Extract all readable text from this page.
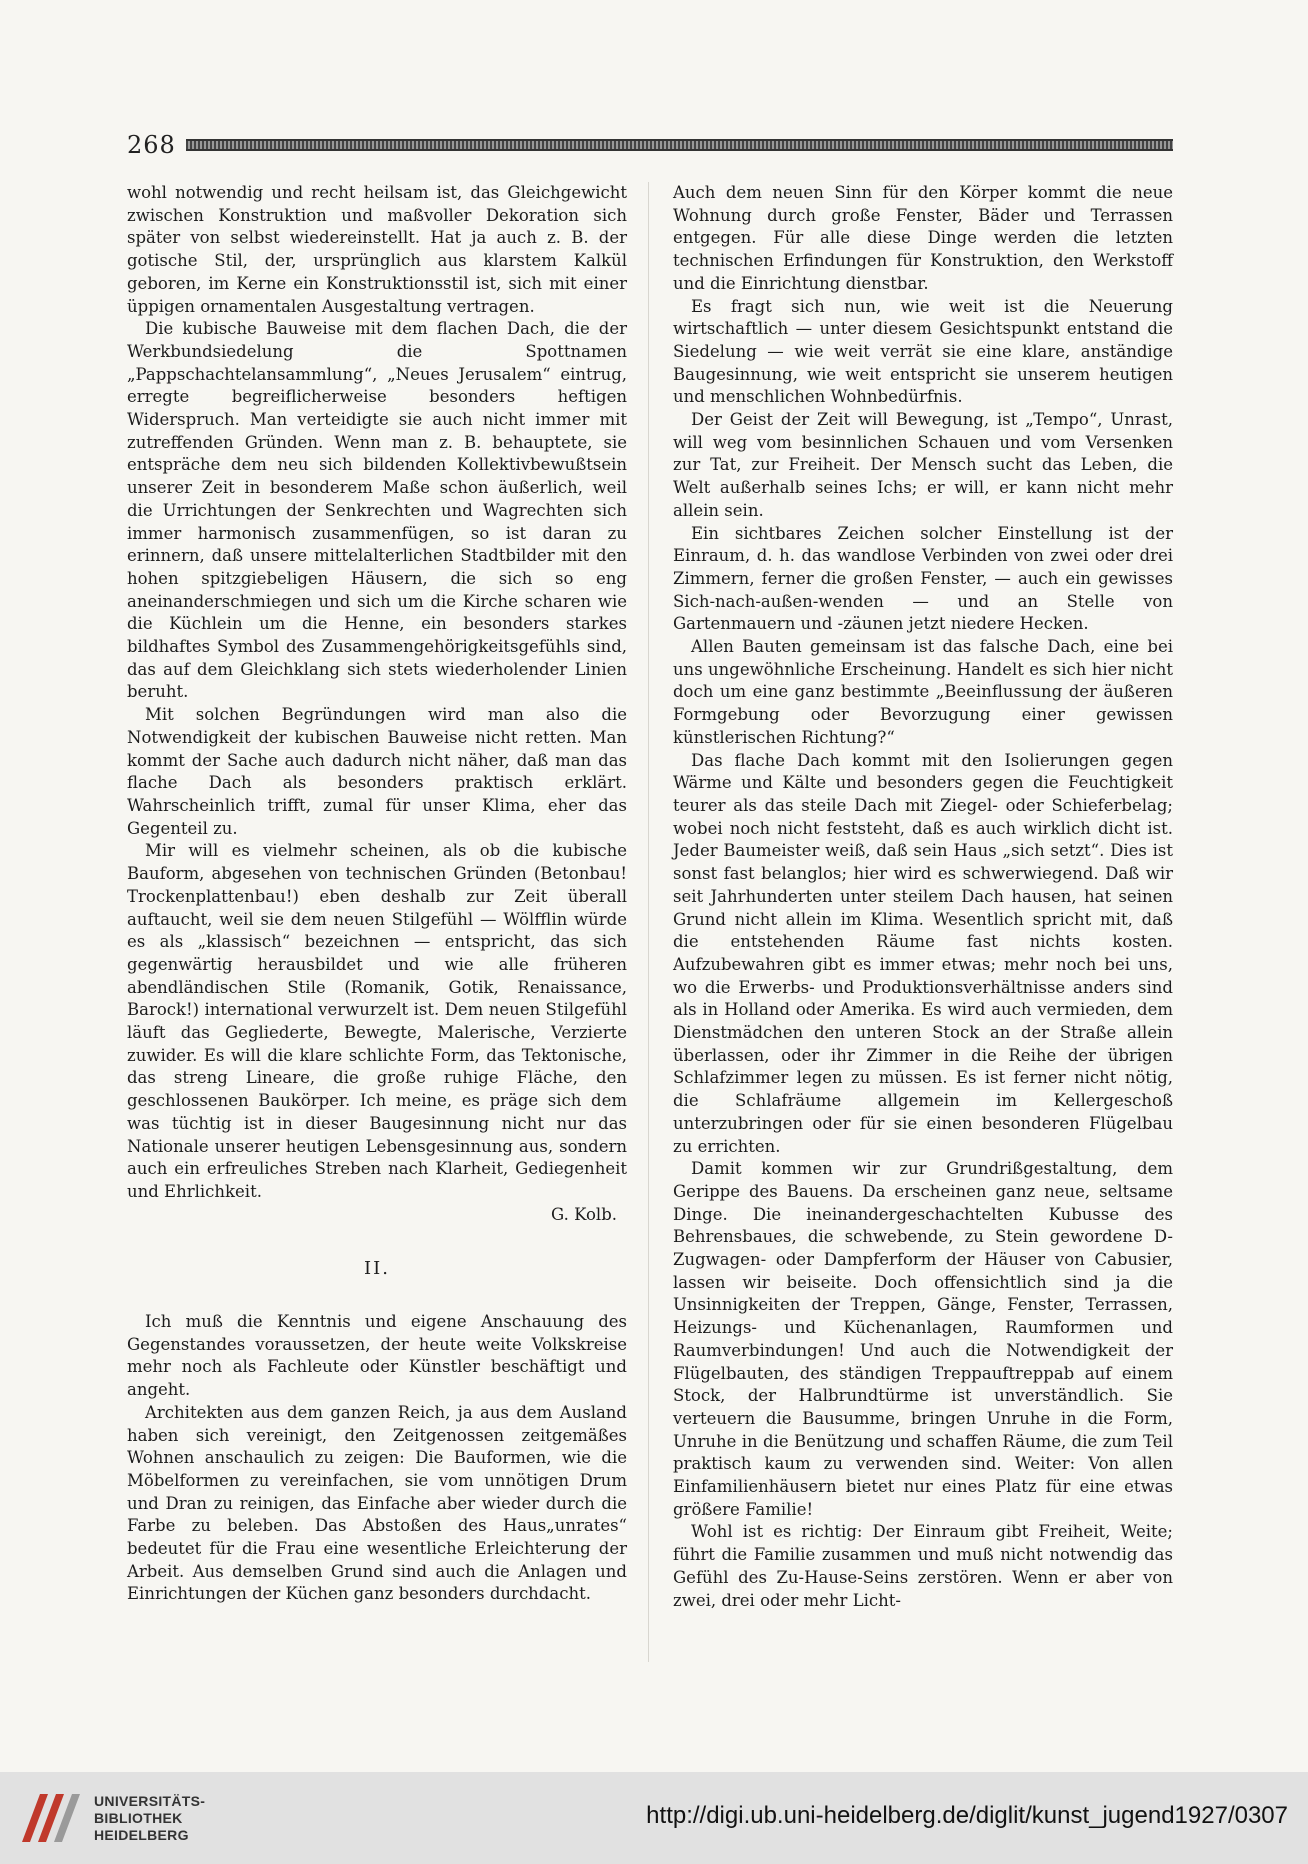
268

wohl notwendig und recht heilsam ist, das Gleichgewicht zwischen Konstruktion und maßvoller Dekoration sich später von selbst wiedereinstellt. Hat ja auch z. B. der gotische Stil, der, ursprünglich aus klarstem Kalkül geboren, im Kerne ein Konstruktionsstil ist, sich mit einer üppigen ornamentalen Ausgestaltung vertragen.

Die kubische Bauweise mit dem flachen Dach, die der Werkbundsiedelung die Spottnamen „Pappschachtelansammlung“, „Neues Jerusalem“ eintrug, erregte begreiflicherweise besonders heftigen Widerspruch. Man verteidigte sie auch nicht immer mit zutreffenden Gründen. Wenn man z. B. behauptete, sie entspräche dem neu sich bildenden Kollektivbewußtsein unserer Zeit in besonderem Maße schon äußerlich, weil die Urrichtungen der Senkrechten und Wagrechten sich immer harmonisch zusammenfügen, so ist daran zu erinnern, daß unsere mittelalterlichen Stadtbilder mit den hohen spitzgiebeligen Häusern, die sich so eng aneinanderschmiegen und sich um die Kirche scharen wie die Küchlein um die Henne, ein besonders starkes bildhaftes Symbol des Zusammengehörigkeitsgefühls sind, das auf dem Gleichklang sich stets wiederholender Linien beruht.

Mit solchen Begründungen wird man also die Notwendigkeit der kubischen Bauweise nicht retten. Man kommt der Sache auch dadurch nicht näher, daß man das flache Dach als besonders praktisch erklärt. Wahrscheinlich trifft, zumal für unser Klima, eher das Gegenteil zu.

Mir will es vielmehr scheinen, als ob die kubische Bauform, abgesehen von technischen Gründen (Betonbau! Trockenplattenbau!) eben deshalb zur Zeit überall auftaucht, weil sie dem neuen Stilgefühl — Wölfflin würde es als „klassisch“ bezeichnen — entspricht, das sich gegenwärtig herausbildet und wie alle früheren abendländischen Stile (Romanik, Gotik, Renaissance, Barock!) international verwurzelt ist. Dem neuen Stilgefühl läuft das Gegliederte, Bewegte, Malerische, Verzierte zuwider. Es will die klare schlichte Form, das Tektonische, das streng Lineare, die große ruhige Fläche, den geschlossenen Baukörper. Ich meine, es präge sich dem was tüchtig ist in dieser Baugesinnung nicht nur das Nationale unserer heutigen Lebensgesinnung aus, sondern auch ein erfreuliches Streben nach Klarheit, Gediegenheit und Ehrlichkeit.

G. Kolb.

II.

Ich muß die Kenntnis und eigene Anschauung des Gegenstandes voraussetzen, der heute weite Volkskreise mehr noch als Fachleute oder Künstler beschäftigt und angeht.

Architekten aus dem ganzen Reich, ja aus dem Ausland haben sich vereinigt, den Zeitgenossen zeitgemäßes Wohnen anschaulich zu zeigen: Die Bauformen, wie die Möbelformen zu vereinfachen, sie vom unnötigen Drum und Dran zu reinigen, das Einfache aber wieder durch die Farbe zu beleben. Das Abstoßen des Haus„unrates“ bedeutet für die Frau eine wesentliche Erleichterung der Arbeit. Aus demselben Grund sind auch die Anlagen und Einrichtungen der Küchen ganz besonders durchdacht.

Auch dem neuen Sinn für den Körper kommt die neue Wohnung durch große Fenster, Bäder und Terrassen entgegen. Für alle diese Dinge werden die letzten technischen Erfindungen für Konstruktion, den Werkstoff und die Einrichtung dienstbar.

Es fragt sich nun, wie weit ist die Neuerung wirtschaftlich — unter diesem Gesichtspunkt entstand die Siedelung — wie weit verrät sie eine klare, anständige Baugesinnung, wie weit entspricht sie unserem heutigen und menschlichen Wohnbedürfnis.

Der Geist der Zeit will Bewegung, ist „Tempo“, Unrast, will weg vom besinnlichen Schauen und vom Versenken zur Tat, zur Freiheit. Der Mensch sucht das Leben, die Welt außerhalb seines Ichs; er will, er kann nicht mehr allein sein.

Ein sichtbares Zeichen solcher Einstellung ist der Einraum, d. h. das wandlose Verbinden von zwei oder drei Zimmern, ferner die großen Fenster, — auch ein gewisses Sich-nach-außen-wenden — und an Stelle von Gartenmauern und -zäunen jetzt niedere Hecken.

Allen Bauten gemeinsam ist das falsche Dach, eine bei uns ungewöhnliche Erscheinung. Handelt es sich hier nicht doch um eine ganz bestimmte „Beeinflussung der äußeren Formgebung oder Bevorzugung einer gewissen künstlerischen Richtung?“

Das flache Dach kommt mit den Isolierungen gegen Wärme und Kälte und besonders gegen die Feuchtigkeit teurer als das steile Dach mit Ziegel- oder Schieferbelag; wobei noch nicht feststeht, daß es auch wirklich dicht ist. Jeder Baumeister weiß, daß sein Haus „sich setzt“. Dies ist sonst fast belanglos; hier wird es schwerwiegend. Daß wir seit Jahrhunderten unter steilem Dach hausen, hat seinen Grund nicht allein im Klima. Wesentlich spricht mit, daß die entstehenden Räume fast nichts kosten. Aufzubewahren gibt es immer etwas; mehr noch bei uns, wo die Erwerbs- und Produktionsverhältnisse anders sind als in Holland oder Amerika. Es wird auch vermieden, dem Dienstmädchen den unteren Stock an der Straße allein überlassen, oder ihr Zimmer in die Reihe der übrigen Schlafzimmer legen zu müssen. Es ist ferner nicht nötig, die Schlafräume allgemein im Kellergeschoß unterzubringen oder für sie einen besonderen Flügelbau zu errichten.

Damit kommen wir zur Grundrißgestaltung, dem Gerippe des Bauens. Da erscheinen ganz neue, seltsame Dinge. Die ineinandergeschachtelten Kubusse des Behrensbaues, die schwebende, zu Stein gewordene D-Zugwagen- oder Dampferform der Häuser von Cabusier, lassen wir beiseite. Doch offensichtlich sind ja die Unsinnigkeiten der Treppen, Gänge, Fenster, Terrassen, Heizungs- und Küchenanlagen, Raumformen und Raumverbindungen! Und auch die Notwendigkeit der Flügelbauten, des ständigen Treppauftreppab auf einem Stock, der Halbrundtürme ist unverständlich. Sie verteuern die Bausumme, bringen Unruhe in die Form, Unruhe in die Benützung und schaffen Räume, die zum Teil praktisch kaum zu verwenden sind. Weiter: Von allen Einfamilienhäusern bietet nur eines Platz für eine etwas größere Familie!

Wohl ist es richtig: Der Einraum gibt Freiheit, Weite; führt die Familie zusammen und muß nicht notwendig das Gefühl des Zu-Hause-Seins zerstören. Wenn er aber von zwei, drei oder mehr Licht-

UNIVERSITÄTS-
BIBLIOTHEK
HEIDELBERG
http://digi.ub.uni-heidelberg.de/diglit/kunst_jugend1927/0307
